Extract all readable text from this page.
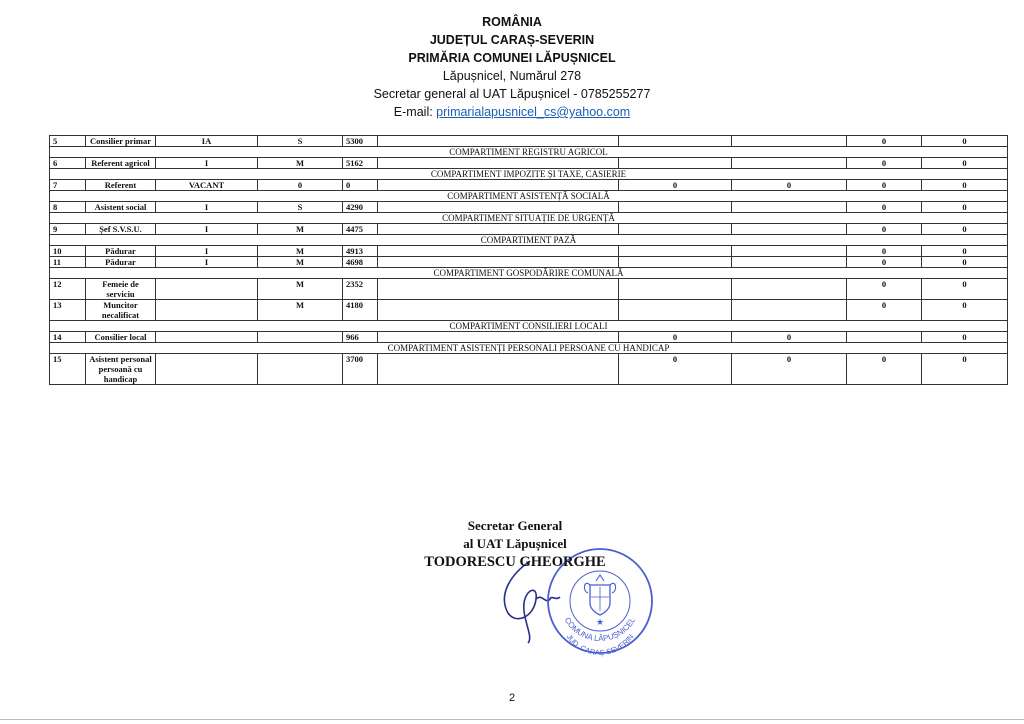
ROMÂNIA
JUDEȚUL CARAȘ-SEVERIN
PRIMĂRIA COMUNEI LĂPUȘNICEL
Lăpușnicel, Numărul 278
Secretar general al UAT Lăpușnicel - 0785255277
E-mail: primarialapusnicel_cs@yahoo.com
5	Consilier primar	IA	S	5300				0	0
COMPARTIMENT REGISTRU AGRICOL									
6	Referent agricol	I	M	5162				0	0
COMPARTIMENT IMPOZITE ȘI TAXE, CASIERIE									
7	Referent	VACANT	0	0		0	0	0	0
COMPARTIMENT ASISTENȚĂ SOCIALĂ									
8	Asistent social	I	S	4290				0	0
COMPARTIMENT SITUAȚIE DE URGENȚĂ									
9	Șef S.V.S.U.	I	M	4475				0	0
COMPARTIMENT PAZĂ									
10	Pădurar	I	M	4913				0	0
11	Pădurar	I	M	4698				0	0
COMPARTIMENT GOSPODĂRIRE COMUNALĂ									
12	Femeie de serviciu		M	2352				0	0
13	Muncitor necalificat		M	4180				0	0
COMPARTIMENT CONSILIERI LOCALI									
14	Consilier local			966		0	0		0
COMPARTIMENT ASISTENȚI PERSONALI PERSOANE CU HANDICAP									
15	Asistent personal persoană cu handicap			3700		0	0	0	0
COMUNA LĂPUȘNICEL
JUD. CARAȘ-SEVERIN
★
Secretar General
al UAT Lăpușnicel
TODORESCU GHEORGHE
2
